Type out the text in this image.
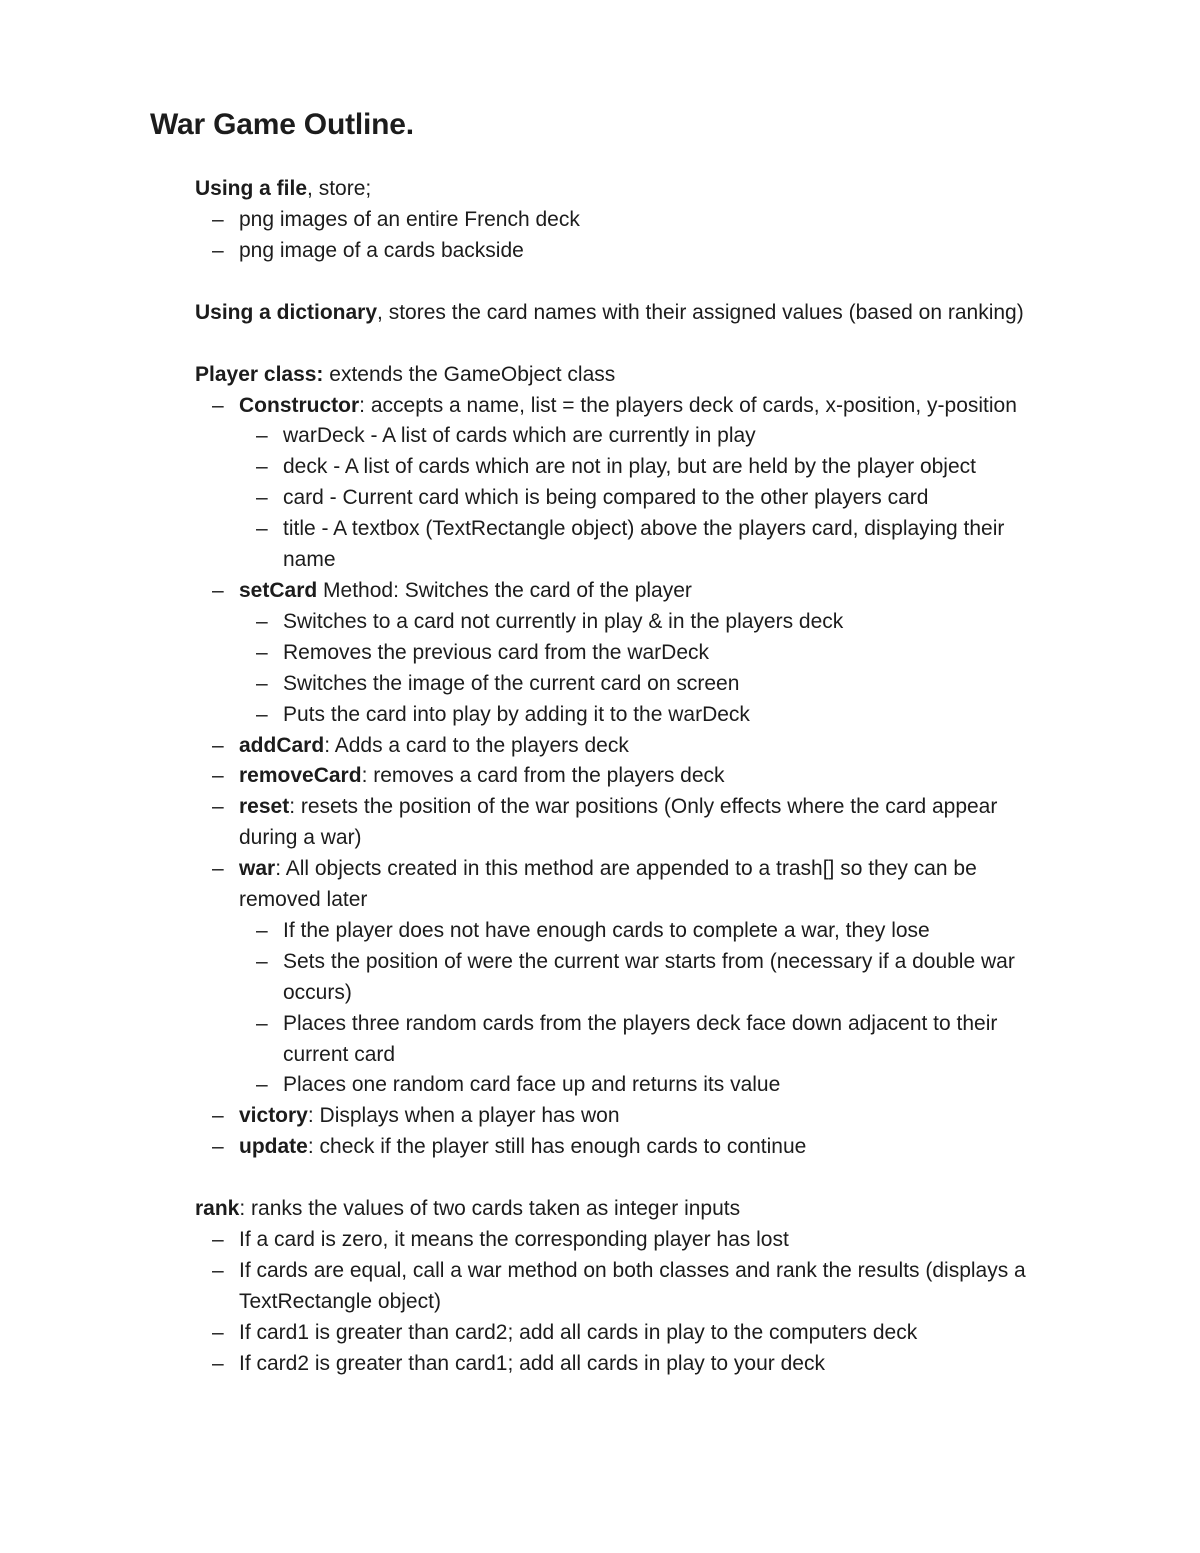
War Game Outline.
– Using a file, store;
– png images of an entire French deck
– png image of a cards backside
– Using a dictionary, stores the card names with their assigned values (based on ranking)
– Player class: extends the GameObject class
– Constructor: accepts a name, list = the players deck of cards, x-position, y-position
– warDeck - A list of cards which are currently in play
– deck - A list of cards which are not in play, but are held by the player object
– card - Current card which is being compared to the other players card
– title - A textbox (TextRectangle object) above the players card, displaying their name
– setCard Method: Switches the card of the player
– Switches to a card not currently in play & in the players deck
– Removes the previous card from the warDeck
– Switches the image of the current card on screen
– Puts the card into play by adding it to the warDeck
– addCard: Adds a card to the players deck
– removeCard: removes a card from the players deck
– reset: resets the position of the war positions (Only effects where the card appear during a war)
– war: All objects created in this method are appended to a trash[] so they can be removed later
– If the player does not have enough cards to complete a war, they lose
– Sets the position of were the current war starts from (necessary if a double war occurs)
– Places three random cards from the players deck face down adjacent to their current card
– Places one random card face up and returns its value
– victory: Displays when a player has won
– update: check if the player still has enough cards to continue
– rank: ranks the values of two cards taken as integer inputs
– If a card is zero, it means the corresponding player has lost
– If cards are equal, call a war method on both classes and rank the results (displays a TextRectangle object)
– If card1 is greater than card2; add all cards in play to the computers deck
– If card2 is greater than card1; add all cards in play to your deck
